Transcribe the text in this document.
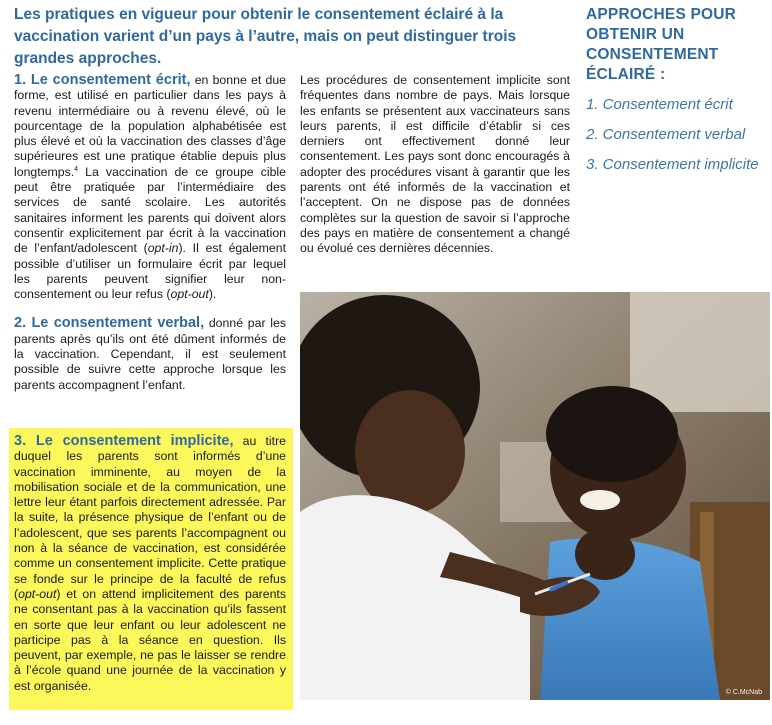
Les pratiques en vigueur pour obtenir le consentement éclairé à la vaccination varient d’un pays à l’autre, mais on peut distinguer trois grandes approches.
APPROCHES POUR OBTENIR UN CONSENTEMENT ÉCLAIRÉ :
1. Consentement écrit
2. Consentement verbal
3. Consentement implicite

1. Le consentement écrit, en bonne et due forme, est utilisé en particulier dans les pays à revenu intermédiaire ou à revenu élevé, où le pourcentage de la population alphabétisée est plus élevé et où la vaccination des classes d’âge supérieures est une pratique établie depuis plus longtemps.$^4$ La vaccination de ce groupe cible peut être pratiquée par l’intermédiaire des services de santé scolaire. Les autorités sanitaires informent les parents qui doivent alors consentir explicitement par écrit à la vaccination de l’enfant/adolescent (opt-in). Il est également possible d’utiliser un formulaire écrit par lequel les parents peuvent signifier leur non-consentement ou leur refus (opt-out).

2. Le consentement verbal, donné par les parents après qu’ils ont été dûment informés de la vaccination. Cependant, il est seulement possible de suivre cette approche lorsque les parents accompagnent l’enfant.

3. Le consentement implicite, au titre duquel les parents sont informés d’une vaccination imminente, au moyen de la mobilisation sociale et de la communication, une lettre leur étant parfois directement adressée. Par la suite, la présence physique de l’enfant ou de l’adolescent, que ses parents l’accompagnent ou non à la séance de vaccination, est considérée comme un consentement implicite. Cette pratique se fonde sur le principe de la faculté de refus (opt-out) et on attend implicitement des parents ne consentant pas à la vaccination qu’ils fassent en sorte que leur enfant ou leur adolescent ne participe pas à la séance en question. Ils peuvent, par exemple, ne pas le laisser se rendre à l’école quand une journée de la vaccination y est organisée.

Les procédures de consentement implicite sont fréquentes dans nombre de pays. Mais lorsque les enfants se présentent aux vaccinateurs sans leurs parents, il est difficile d’établir si ces derniers ont effectivement donné leur consentement. Les pays sont donc encouragés à adopter des procédures visant à garantir que les parents ont été informés de la vaccination et l’acceptent. On ne dispose pas de données complètes sur la question de savoir si l’approche des pays en matière de consentement a changé ou évolué ces dernières décennies.

© C.McNab
